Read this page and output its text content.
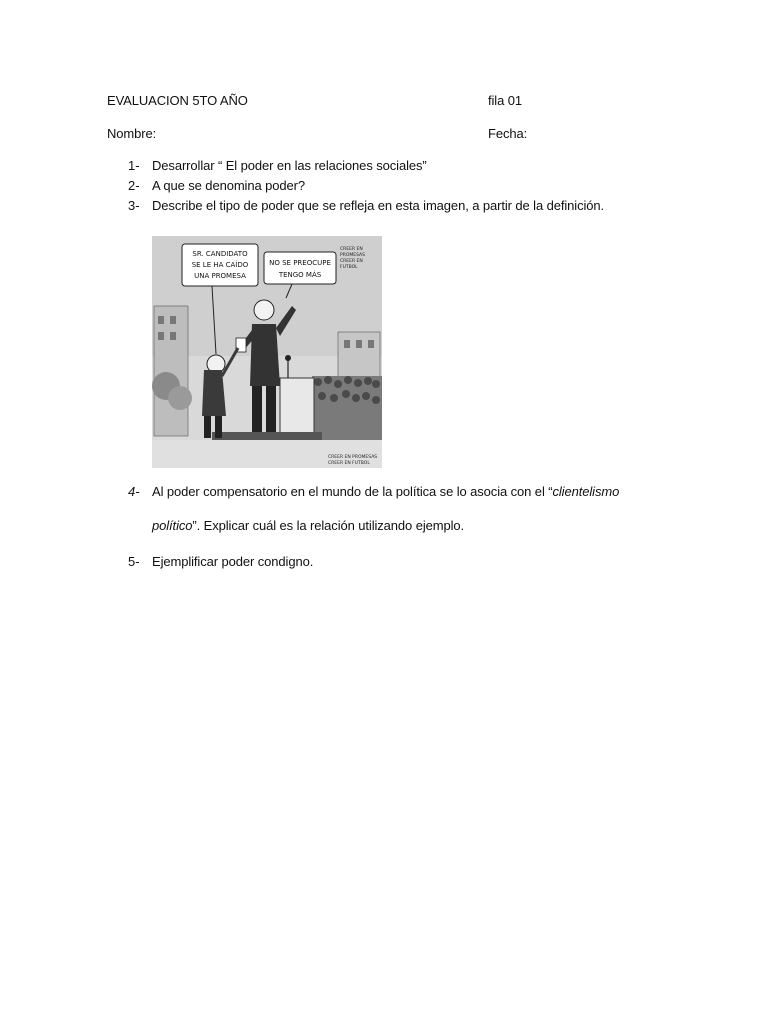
EVALUACION 5TO AÑO	fila 01
Nombre:	Fecha:
1- Desarrollar “ El poder en las relaciones sociales”
2- A que se denomina poder?
3- Describe el tipo de poder que se refleja en esta imagen, a partir de la definición.
SR. CANDIDATO
SE LE HA CAÍDO
UNA PROMESA
NO SE PREOCUPE
TENGO MÁS
CREER EN
PROMESAS
CREER EN
FUTBOL
CREER EN PROMESAS
CREER EN FUTBOL
4- Al poder compensatorio en el mundo de la política se lo asocia con el “clientelismo
político”. Explicar cuál es la relación utilizando ejemplo.
5- Ejemplificar poder condigno.
